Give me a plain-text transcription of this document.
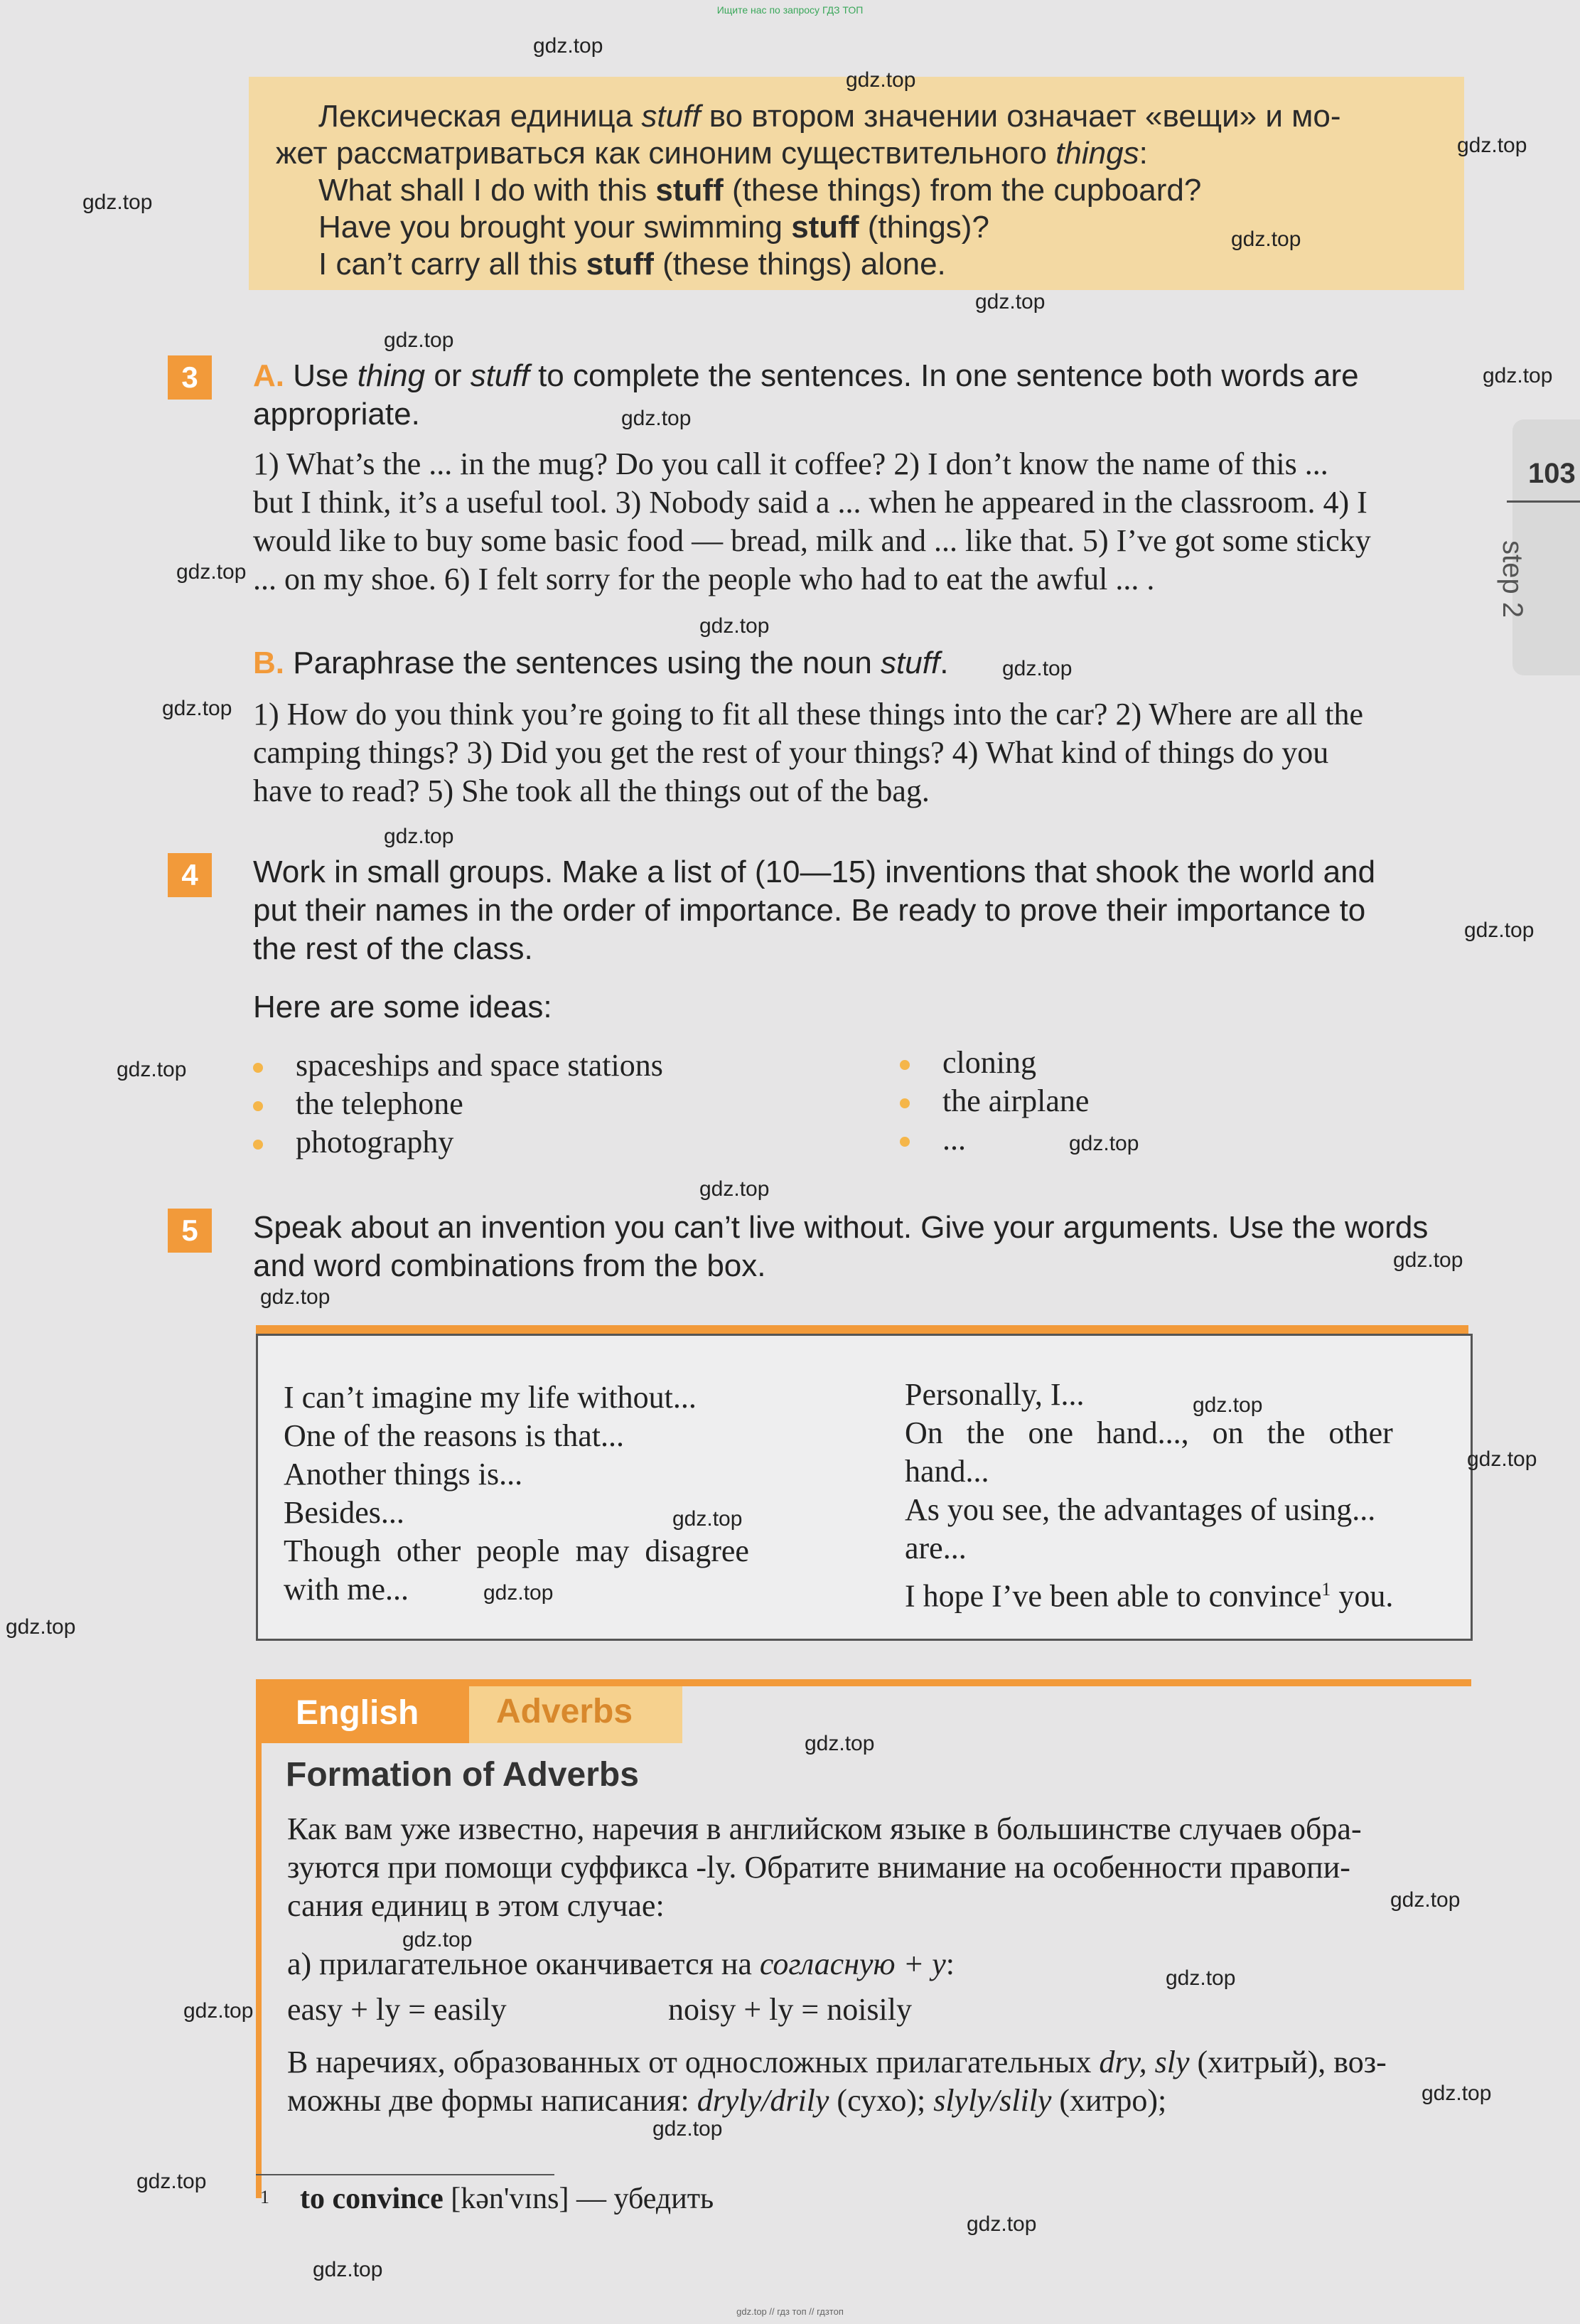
Ищите нас по запросу ГДЗ ТОП
gdz.top // гдз топ // гдзтоп
103
step 2
Лексическая единица stuff во втором значении означает «вещи» и мо-
жет рассматриваться как синоним существительного things:
What shall I do with this stuff (these things) from the cupboard?
Have you brought your swimming stuff (things)?
I can’t carry all this stuff (these things) alone.
3	A. Use thing or stuff to complete the sentences. In one sentence both words are
appropriate.
1) What’s the ... in the mug? Do you call it coffee? 2) I don’t know the name of this ...
but I think, it’s a useful tool. 3) Nobody said a ... when he appeared in the classroom. 4) I
would like to buy some basic food — bread, milk and ... like that. 5) I’ve got some sticky
... on my shoe. 6) I felt sorry for the people who had to eat the awful ... .
B. Paraphrase the sentences using the noun stuff.
1) How do you think you’re going to fit all these things into the car? 2) Where are all the
camping things? 3) Did you get the rest of your things? 4) What kind of things do you
have to read? 5) She took all the things out of the bag.
4	Work in small groups. Make a list of (10—15) inventions that shook the world and
put their names in the order of importance. Be ready to prove their importance to
the rest of the class.
Here are some ideas:
spaceships and space stations
the telephone
photography
cloning
the airplane
...
5	Speak about an invention you can’t live without. Give your arguments. Use the words
and word combinations from the box.
I can’t imagine my life without...
One of the reasons is that...
Another things is...
Besides...
Though  other  people  may  disagree
with me...
Personally, I...
On   the   one   hand...,   on   the   other
hand...
As you see, the advantages of using...
are...
I hope I’ve been able to convince$^1$ you.
English Adverbs
Formation of Adverbs
Как вам уже известно, наречия в английском языке в большинстве случаев обра-
зуются при помощи суффикса -ly. Обратите внимание на особенности правопи-
сания единиц в этом случае:
а) прилагательное оканчивается на согласную + y:
easy + ly = easily	noisy + ly = noisily
В наречиях, образованных от односложных прилагательных dry, sly (хитрый), воз-
можны две формы написания: dryly/drily (сухо); slyly/slily (хитро);
1 to convince [kən'vɪns] — убедить
gdz.top
gdz.top
gdz.top
gdz.top
gdz.top
gdz.top
gdz.top
gdz.top
gdz.top
gdz.top
gdz.top
gdz.top
gdz.top
gdz.top
gdz.top
gdz.top
gdz.top
gdz.top
gdz.top
gdz.top
gdz.top
gdz.top
gdz.top
gdz.top
gdz.top
gdz.top
gdz.top
gdz.top
gdz.top
gdz.top
gdz.top
gdz.top
gdz.top
gdz.top
gdz.top
